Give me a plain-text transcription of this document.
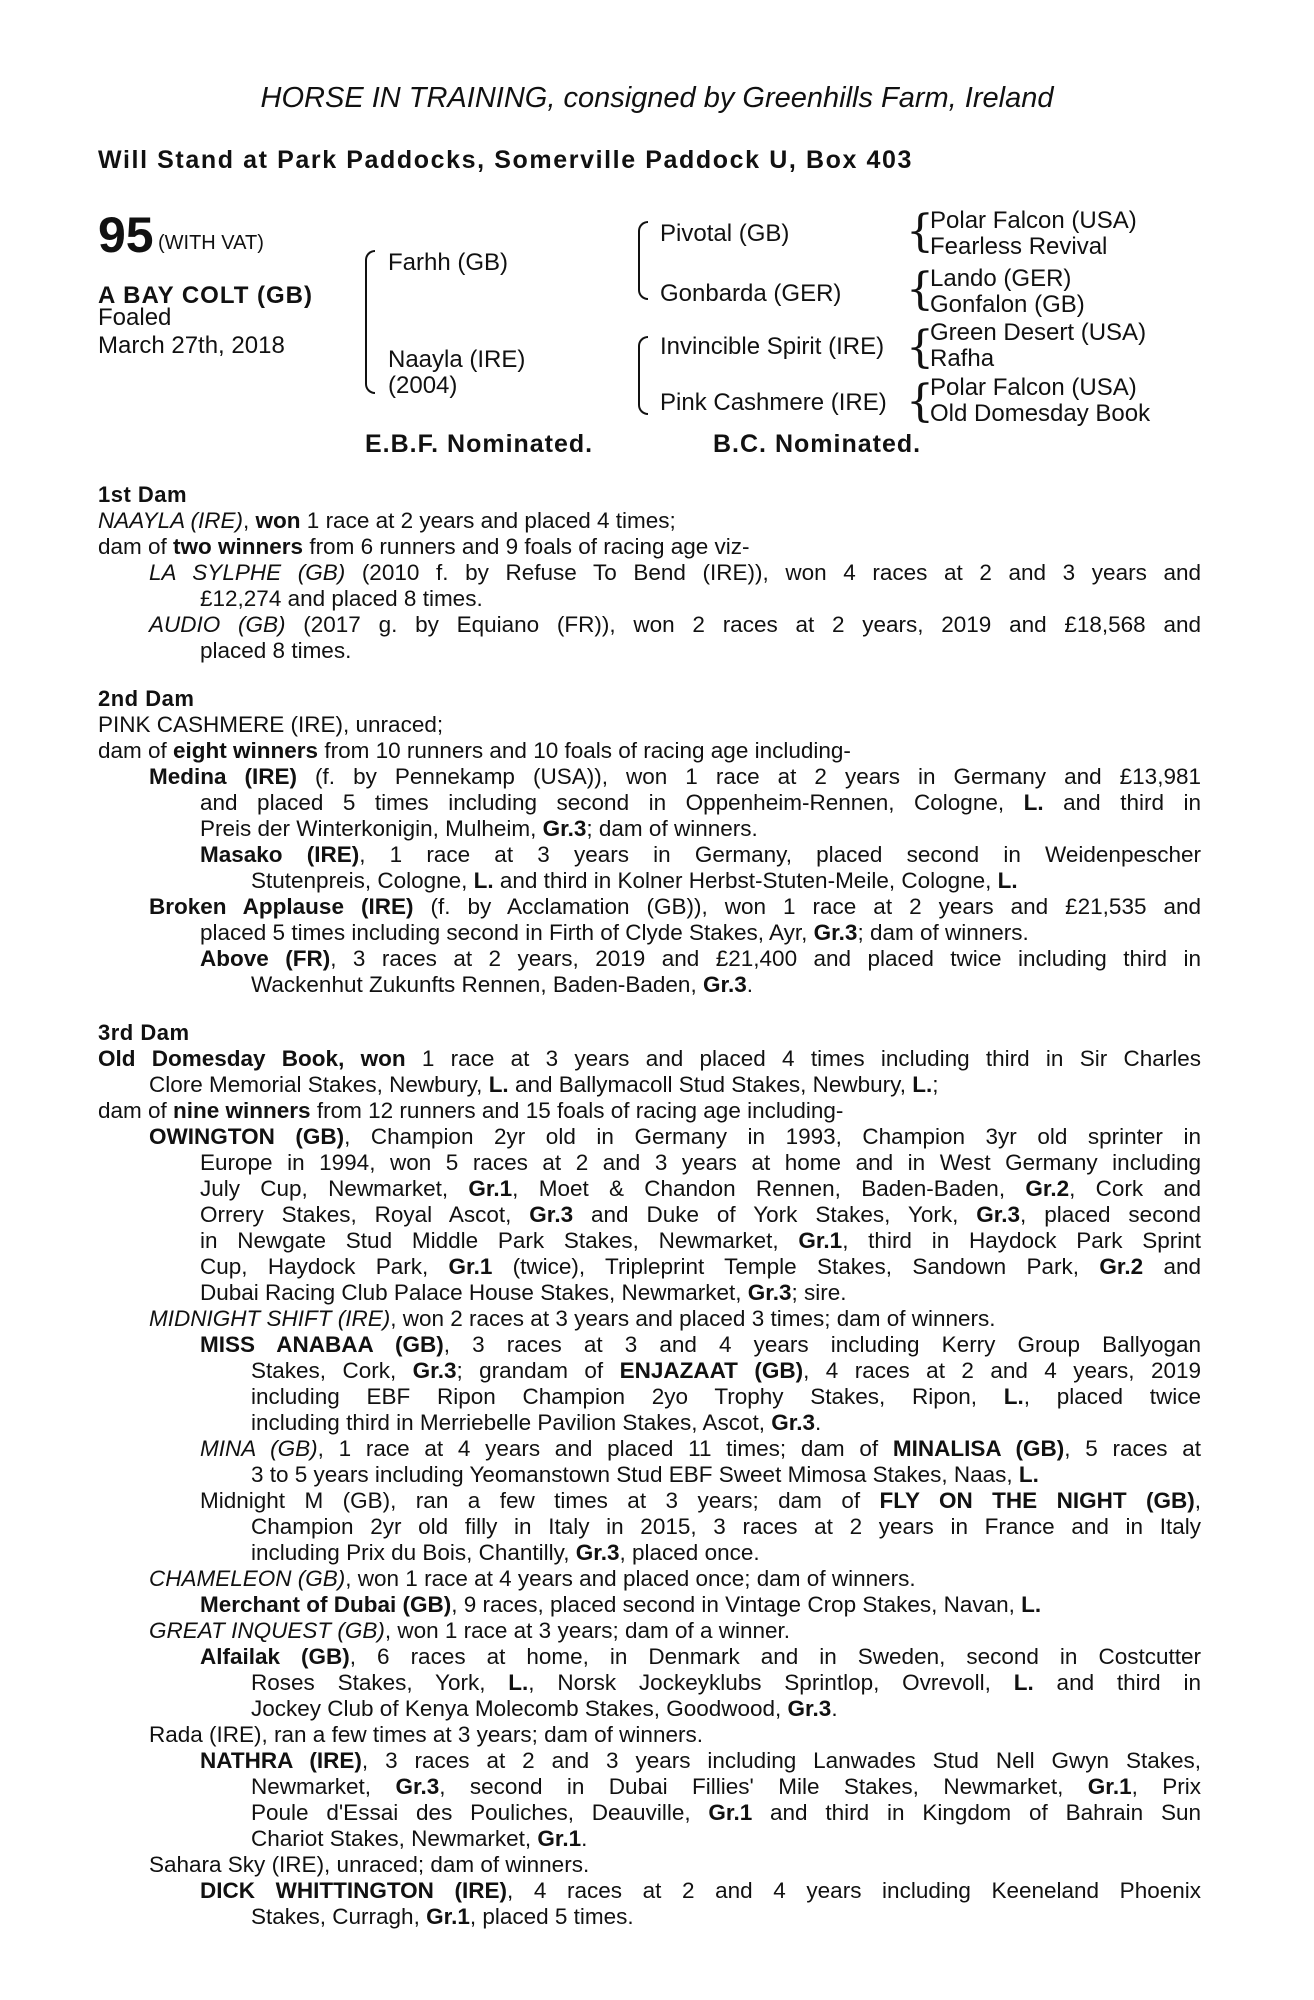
HORSE IN TRAINING, consigned by Greenhills Farm, Ireland
Will Stand at Park Paddocks, Somerville Paddock U, Box 403
95 (WITH VAT)
A BAY COLT (GB)
Foaled
March 27th, 2018
Farhh (GB)
Naayla (IRE)
(2004)
Pivotal (GB)
Gonbarda (GER)
Invincible Spirit (IRE)
Pink Cashmere (IRE)
{
{
{
{
Polar Falcon (USA)
Fearless Revival
Lando (GER)
Gonfalon (GB)
Green Desert (USA)
Rafha
Polar Falcon (USA)
Old Domesday Book
E.B.F. Nominated.	B.C. Nominated.
1st Dam
NAAYLA (IRE), won 1 race at 2 years and placed 4 times;
dam of two winners from 6 runners and 9 foals of racing age viz-
LA SYLPHE (GB) (2010 f. by Refuse To Bend (IRE)), won 4 races at 2 and 3 years and
£12,274 and placed 8 times.
AUDIO (GB) (2017 g. by Equiano (FR)), won 2 races at 2 years, 2019 and £18,568 and
placed 8 times.
2nd Dam
PINK CASHMERE (IRE), unraced;
dam of eight winners from 10 runners and 10 foals of racing age including-
Medina (IRE) (f. by Pennekamp (USA)), won 1 race at 2 years in Germany and £13,981
and placed 5 times including second in Oppenheim-Rennen, Cologne, L. and third in
Preis der Winterkonigin, Mulheim, Gr.3; dam of winners.
Masako (IRE), 1 race at 3 years in Germany, placed second in Weidenpescher
Stutenpreis, Cologne, L. and third in Kolner Herbst-Stuten-Meile, Cologne, L.
Broken Applause (IRE) (f. by Acclamation (GB)), won 1 race at 2 years and £21,535 and
placed 5 times including second in Firth of Clyde Stakes, Ayr, Gr.3; dam of winners.
Above (FR), 3 races at 2 years, 2019 and £21,400 and placed twice including third in
Wackenhut Zukunfts Rennen, Baden-Baden, Gr.3.
3rd Dam
Old Domesday Book, won 1 race at 3 years and placed 4 times including third in Sir Charles
Clore Memorial Stakes, Newbury, L. and Ballymacoll Stud Stakes, Newbury, L.;
dam of nine winners from 12 runners and 15 foals of racing age including-
OWINGTON (GB), Champion 2yr old in Germany in 1993, Champion 3yr old sprinter in
Europe in 1994, won 5 races at 2 and 3 years at home and in West Germany including
July Cup, Newmarket, Gr.1, Moet & Chandon Rennen, Baden-Baden, Gr.2, Cork and
Orrery Stakes, Royal Ascot, Gr.3 and Duke of York Stakes, York, Gr.3, placed second
in Newgate Stud Middle Park Stakes, Newmarket, Gr.1, third in Haydock Park Sprint
Cup, Haydock Park, Gr.1 (twice), Tripleprint Temple Stakes, Sandown Park, Gr.2 and
Dubai Racing Club Palace House Stakes, Newmarket, Gr.3; sire.
MIDNIGHT SHIFT (IRE), won 2 races at 3 years and placed 3 times; dam of winners.
MISS ANABAA (GB), 3 races at 3 and 4 years including Kerry Group Ballyogan
Stakes, Cork, Gr.3; grandam of ENJAZAAT (GB), 4 races at 2 and 4 years, 2019
including EBF Ripon Champion 2yo Trophy Stakes, Ripon, L., placed twice
including third in Merriebelle Pavilion Stakes, Ascot, Gr.3.
MINA (GB), 1 race at 4 years and placed 11 times; dam of MINALISA (GB), 5 races at
3 to 5 years including Yeomanstown Stud EBF Sweet Mimosa Stakes, Naas, L.
Midnight M (GB), ran a few times at 3 years; dam of FLY ON THE NIGHT (GB),
Champion 2yr old filly in Italy in 2015, 3 races at 2 years in France and in Italy
including Prix du Bois, Chantilly, Gr.3, placed once.
CHAMELEON (GB), won 1 race at 4 years and placed once; dam of winners.
Merchant of Dubai (GB), 9 races, placed second in Vintage Crop Stakes, Navan, L.
GREAT INQUEST (GB), won 1 race at 3 years; dam of a winner.
Alfailak (GB), 6 races at home, in Denmark and in Sweden, second in Costcutter
Roses Stakes, York, L., Norsk Jockeyklubs Sprintlop, Ovrevoll, L. and third in
Jockey Club of Kenya Molecomb Stakes, Goodwood, Gr.3.
Rada (IRE), ran a few times at 3 years; dam of winners.
NATHRA (IRE), 3 races at 2 and 3 years including Lanwades Stud Nell Gwyn Stakes,
Newmarket, Gr.3, second in Dubai Fillies' Mile Stakes, Newmarket, Gr.1, Prix
Poule d'Essai des Pouliches, Deauville, Gr.1 and third in Kingdom of Bahrain Sun
Chariot Stakes, Newmarket, Gr.1.
Sahara Sky (IRE), unraced; dam of winners.
DICK WHITTINGTON (IRE), 4 races at 2 and 4 years including Keeneland Phoenix
Stakes, Curragh, Gr.1, placed 5 times.
